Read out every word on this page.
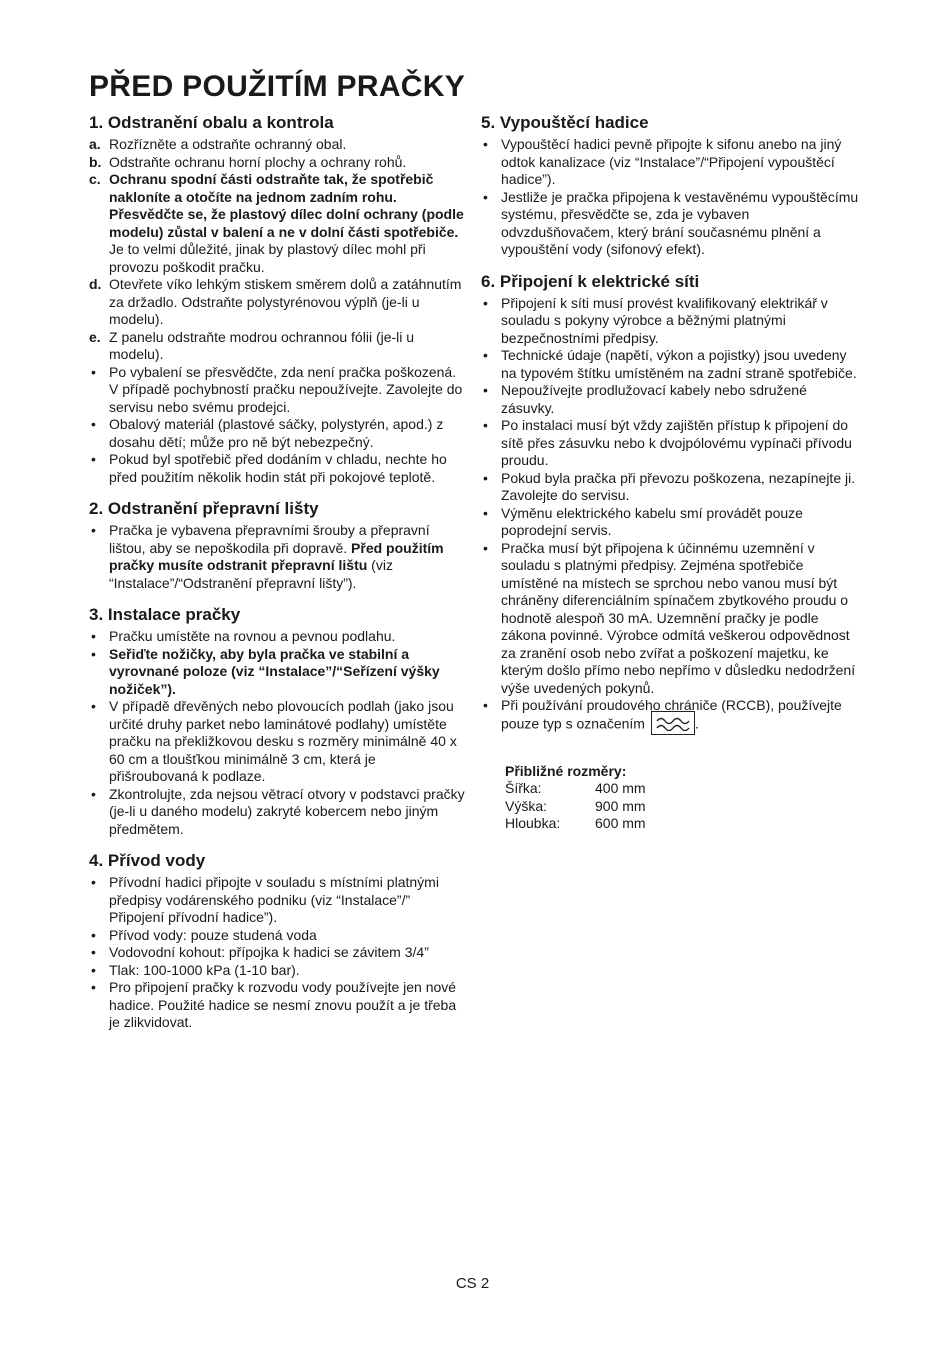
PŘED POUŽITÍM PRAČKY
1. Odstranění obalu a kontrola
a. Rozřízněte a odstraňte ochranný obal.
b. Odstraňte ochranu horní plochy a ochrany rohů.
c. Ochranu spodní části odstraňte tak, že spotřebič nakloníte a otočíte na jednom zadním rohu. Přesvědčte se, že plastový dílec dolní ochrany (podle modelu) zůstal v balení a ne v dolní části spotřebiče. Je to velmi důležité, jinak by plastový dílec mohl při provozu poškodit pračku.
d. Otevřete víko lehkým stiskem směrem dolů a zatáhnutím za držadlo. Odstraňte polystyrénovou výplň (je-li u modelu).
e. Z panelu odstraňte modrou ochrannou fólii (je-li u modelu).
• Po vybalení se přesvědčte, zda není pračka poškozená. V případě pochybností pračku nepoužívejte. Zavolejte do servisu nebo svému prodejci.
• Obalový materiál (plastové sáčky, polystyrén, apod.) z dosahu dětí; může pro ně být nebezpečný.
• Pokud byl spotřebič před dodáním v chladu, nechte ho před použitím několik hodin stát při pokojové teplotě.
2. Odstranění přepravní lišty
• Pračka je vybavena přepravními šrouby a přepravní lištou, aby se nepoškodila při dopravě. Před použitím pračky musíte odstranit přepravní lištu (viz “Instalace”/“Odstranění přepravní lišty”).
3. Instalace pračky
• Pračku umístěte na rovnou a pevnou podlahu.
• Seřiďte nožičky, aby byla pračka ve stabilní a vyrovnané poloze (viz “Instalace”/“Seřízení výšky nožiček”).
• V případě dřevěných nebo plovoucích podlah (jako jsou určité druhy parket nebo laminátové podlahy) umístěte pračku na překližkovou desku s rozměry minimálně 40 x 60 cm a tloušťkou minimálně 3 cm, která je přišroubovaná k podlaze.
• Zkontrolujte, zda nejsou větrací otvory v podstavci pračky (je-li u daného modelu) zakryté kobercem nebo jiným předmětem.
4. Přívod vody
• Přívodní hadici připojte v souladu s místními platnými předpisy vodárenského podniku (viz “Instalace”/” Připojení přívodní hadice”).
• Přívod vody: pouze studená voda
• Vodovodní kohout: přípojka k hadici se závitem 3/4”
• Tlak: 100-1000 kPa (1-10 bar).
• Pro připojení pračky k rozvodu vody používejte jen nové hadice. Použité hadice se nesmí znovu použít a je třeba je zlikvidovat.
5. Vypouštěcí hadice
• Vypouštěcí hadici pevně připojte k sifonu anebo na jiný odtok kanalizace (viz “Instalace”/“Připojení vypouštěcí hadice”).
• Jestliže je pračka připojena k vestavěnému vypouštěcímu systému, přesvědčte se, zda je vybaven odvzdušňovačem, který brání současnému plnění a vypouštění vody (sifonový efekt).
6. Připojení k elektrické síti
• Připojení k síti musí provést kvalifikovaný elektrikář v souladu s pokyny výrobce a běžnými platnými bezpečnostními předpisy.
• Technické údaje (napětí, výkon a pojistky) jsou uvedeny na typovém štítku umístěném na zadní straně spotřebiče.
• Nepoužívejte prodlužovací kabely nebo sdružené zásuvky.
• Po instalaci musí být vždy zajištěn přístup k připojení do sítě přes zásuvku nebo k dvojpólovému vypínači přívodu proudu.
• Pokud byla pračka při převozu poškozena, nezapínejte ji. Zavolejte do servisu.
• Výměnu elektrického kabelu smí provádět pouze poprodejní servis.
• Pračka musí být připojena k účinnému uzemnění v souladu s platnými předpisy. Zejména spotřebiče umístěné na místech se sprchou nebo vanou musí být chráněny diferenciálním spínačem zbytkového proudu o hodnotě alespoň 30 mA. Uzemnění pračky je podle zákona povinné. Výrobce odmítá veškerou odpovědnost za zranění osob nebo zvířat a poškození majetku, ke kterým došlo přímo nebo nepřímo v důsledku nedodržení výše uvedených pokynů.
• Při používání proudového chrániče (RCCB), používejte pouze typ s označením	.

Přibližné rozměry:

Šířka:	400 mm
Výška:	900 mm
Hloubka:	600 mm
CS 2
